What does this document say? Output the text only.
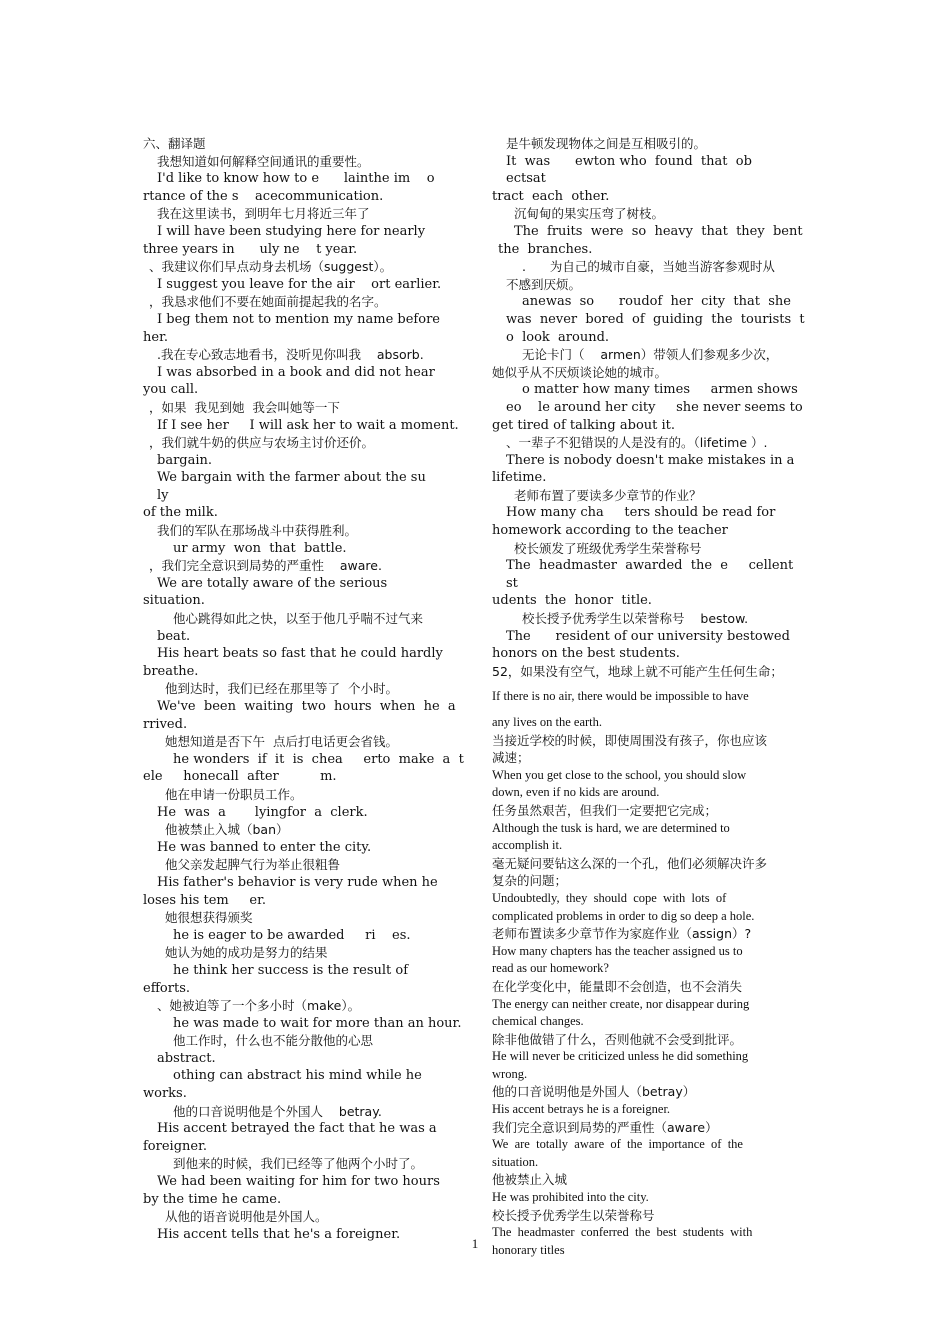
六、翻译题

我想知道如何解释空间通讯的重要性。

I'd like to know how to e      lainthe im    o

rtance of the s    acecommunication.

我在这里读书，到明年七月将近三年了

I will have been studying here for nearly

three years in      uly ne    t year.

、我建议你们早点动身去机场（suggest）。

I suggest you leave for the air    ort earlier.

，我恳求他们不要在她面前提起我的名字。

I beg them not to mention my name before

her.

.我在专心致志地看书，没听见你叫我    absorb.

I was absorbed in a book and did not hear

you call.

，如果  我见到她  我会叫她等一下

If I see her     I will ask her to wait a moment.

，我们就牛奶的供应与农场主讨价还价。

bargain.

We bargain with the farmer about the su        ly

of the milk.

我们的军队在那场战斗中获得胜利。

ur army  won  that  battle.

，我们完全意识到局势的严重性    aware.

We are totally aware of the serious

situation.

他心跳得如此之快，以至于他几乎喘不过气来

beat.

His heart beats so fast that he could hardly

breathe.

他到达时，我们已经在那里等了  个小时。

We've  been  waiting  two  hours  when  he  a

rrived.

她想知道是否下午  点后打电话更会省钱。

he wonders  if  it  is  chea     erto  make  a  t

ele     honecall  after          m.

他在申请一份职员工作。

He  was  a       lyingfor  a  clerk.

他被禁止入城（ban）

He was banned to enter the city.

他父亲发起脾气行为举止很粗鲁

His father's behavior is very rude when he

loses his tem     er.

她很想获得颁奖

he is eager to be awarded     ri    es.

她认为她的成功是努力的结果

he think her success is the result of

efforts.

、她被迫等了一个多小时（make）。

he was made to wait for more than an hour.

他工作时，什么也不能分散他的心思

abstract.

othing can abstract his mind while he

works.

他的口音说明他是个外国人    betray.

His accent betrayed the fact that he was a

foreigner.

到他来的时候，我们已经等了他两个小时了。

We had been waiting for him for two hours

by the time he came.

从他的语音说明他是外国人。

His accent tells that he's a foreigner.

是牛顿发现物体之间是互相吸引的。

It  was      ewton who  found  that  ob     ectsat

tract  each  other.

沉甸甸的果实压弯了树枝。

The  fruits  were  so  heavy  that  they  bent

the  branches.

.      为自己的城市自豪，当她当游客参观时从

不感到厌烦。

anewas  so      roudof  her  city  that  she

was  never  bored  of  guiding  the  tourists  t

o  look  around.

无论卡门（    armen）带领人们参观多少次，

她似乎从不厌烦谈论她的城市。

o matter how many times     armen shows

eo    le around her city     she never seems to

get tired of talking about it.

、一辈子不犯错误的人是没有的。（lifetime ）.

There is nobody doesn't make mistakes in a

lifetime.

老师布置了要读多少章节的作业？

How many cha     ters should be read for

homework according to the teacher

校长颁发了班级优秀学生荣誉称号

The  headmaster  awarded  the  e     cellent st

udents  the  honor  title.

校长授予优秀学生以荣誉称号    bestow.

The      resident of our university bestowed

honors on the best students.

52，如果没有空气，地球上就不可能产生任何生命；

If there is no air, there would be impossible to have

any lives on the earth.

当接近学校的时候，即使周围没有孩子，你也应该

减速；

When you get close to the school, you should slow

down, even if no kids are around.

任务虽然艰苦，但我们一定要把它完成；

Although the tusk is hard, we are determined to

accomplish it.

毫无疑问要钻这么深的一个孔，他们必须解决许多

复杂的问题；

Undoubtedly,  they  should  cope  with  lots  of

complicated problems in order to dig so deep a hole.

老师布置读多少章节作为家庭作业（assign）?

How many chapters has the teacher assigned us to

read as our homework?

在化学变化中，能量即不会创造，也不会消失

The energy can neither create, nor disappear during

chemical changes.

除非他做错了什么，否则他就不会受到批评。

He will never be criticized unless he did something

wrong.

他的口音说明他是外国人（betray）

His accent betrays he is a foreigner.

我们完全意识到局势的严重性（aware）

We  are  totally  aware  of  the  importance  of  the

situation.

他被禁止入城

He was prohibited into the city.

校长授予优秀学生以荣誉称号

The  headmaster  conferred  the  best  students  with

honorary titles

1
